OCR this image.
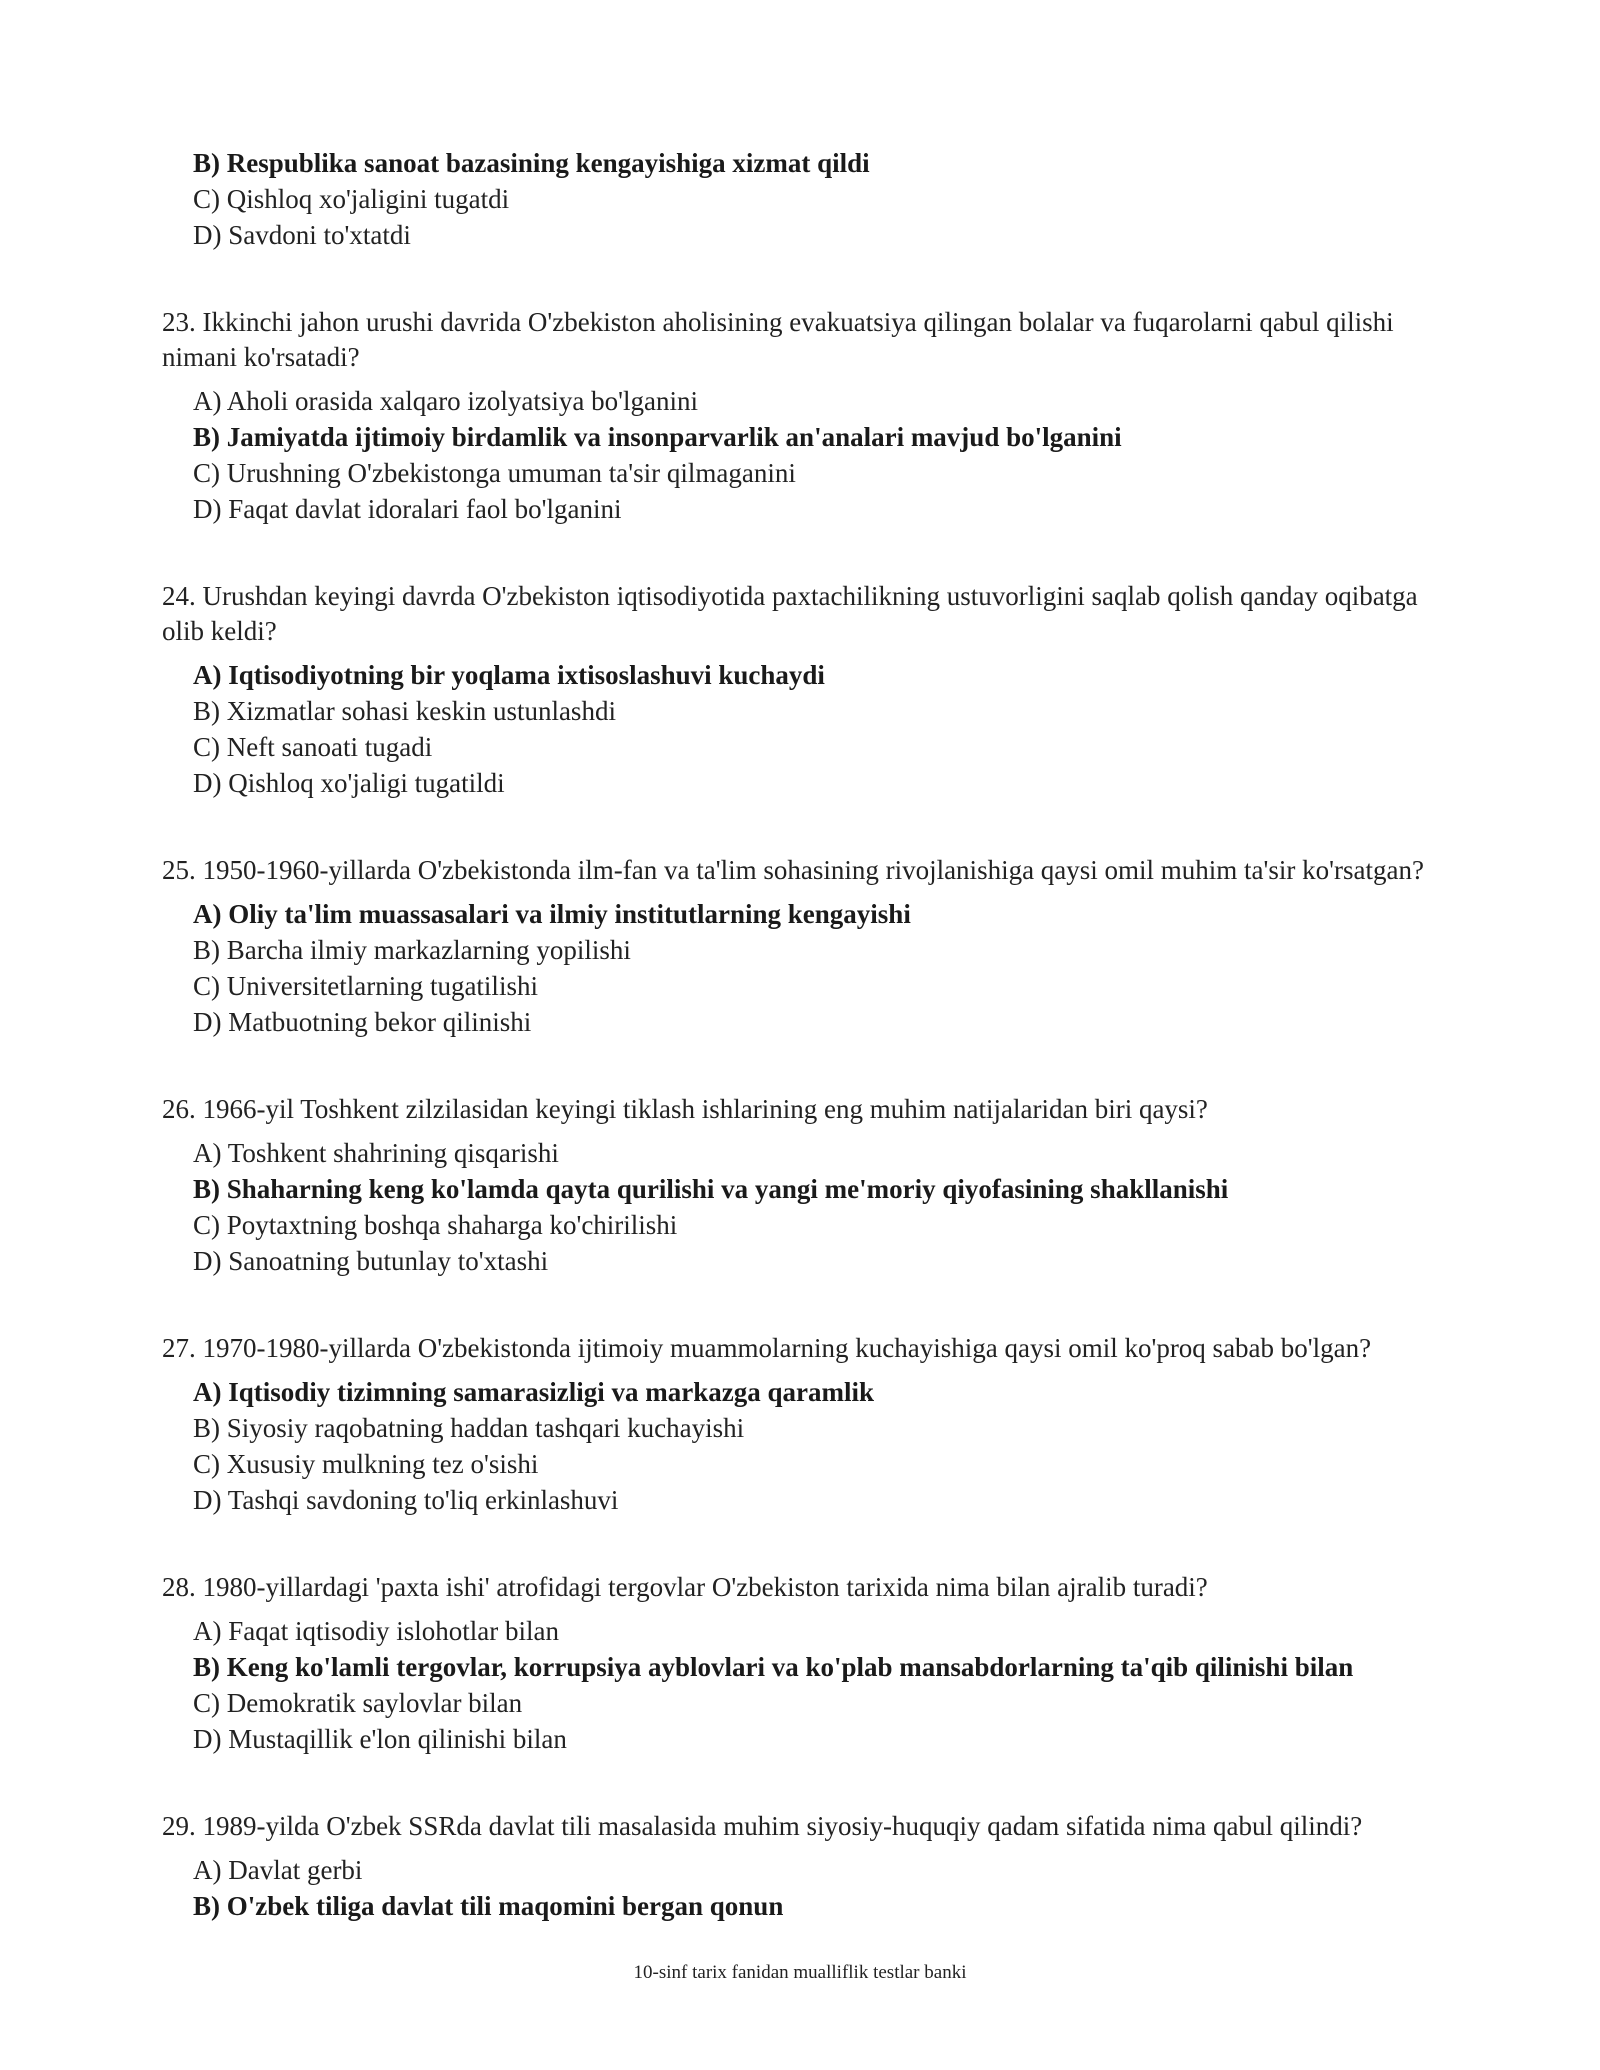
B) Respublika sanoat bazasining kengayishiga xizmat qildi
C) Qishloq xo'jaligini tugatdi
D) Savdoni to'xtatdi

23. Ikkinchi jahon urushi davrida O'zbekiston aholisining evakuatsiya qilingan bolalar va fuqarolarni qabul qilishi nimani ko'rsatadi?

A) Aholi orasida xalqaro izolyatsiya bo'lganini
B) Jamiyatda ijtimoiy birdamlik va insonparvarlik an'analari mavjud bo'lganini
C) Urushning O'zbekistonga umuman ta'sir qilmaganini
D) Faqat davlat idoralari faol bo'lganini

24. Urushdan keyingi davrda O'zbekiston iqtisodiyotida paxtachilikning ustuvorligini saqlab qolish qanday oqibatga olib keldi?

A) Iqtisodiyotning bir yoqlama ixtisoslashuvi kuchaydi
B) Xizmatlar sohasi keskin ustunlashdi
C) Neft sanoati tugadi
D) Qishloq xo'jaligi tugatildi

25. 1950-1960-yillarda O'zbekistonda ilm-fan va ta'lim sohasining rivojlanishiga qaysi omil muhim ta'sir ko'rsatgan?

A) Oliy ta'lim muassasalari va ilmiy institutlarning kengayishi
B) Barcha ilmiy markazlarning yopilishi
C) Universitetlarning tugatilishi
D) Matbuotning bekor qilinishi

26. 1966-yil Toshkent zilzilasidan keyingi tiklash ishlarining eng muhim natijalaridan biri qaysi?

A) Toshkent shahrining qisqarishi
B) Shaharning keng ko'lamda qayta qurilishi va yangi me'moriy qiyofasining shakllanishi
C) Poytaxtning boshqa shaharga ko'chirilishi
D) Sanoatning butunlay to'xtashi

27. 1970-1980-yillarda O'zbekistonda ijtimoiy muammolarning kuchayishiga qaysi omil ko'proq sabab bo'lgan?

A) Iqtisodiy tizimning samarasizligi va markazga qaramlik
B) Siyosiy raqobatning haddan tashqari kuchayishi
C) Xususiy mulkning tez o'sishi
D) Tashqi savdoning to'liq erkinlashuvi

28. 1980-yillardagi 'paxta ishi' atrofidagi tergovlar O'zbekiston tarixida nima bilan ajralib turadi?

A) Faqat iqtisodiy islohotlar bilan
B) Keng ko'lamli tergovlar, korrupsiya ayblovlari va ko'plab mansabdorlarning ta'qib qilinishi bilan
C) Demokratik saylovlar bilan
D) Mustaqillik e'lon qilinishi bilan

29. 1989-yilda O'zbek SSRda davlat tili masalasida muhim siyosiy-huquqiy qadam sifatida nima qabul qilindi?

A) Davlat gerbi
B) O'zbek tiliga davlat tili maqomini bergan qonun
10-sinf tarix fanidan mualliflik testlar banki
